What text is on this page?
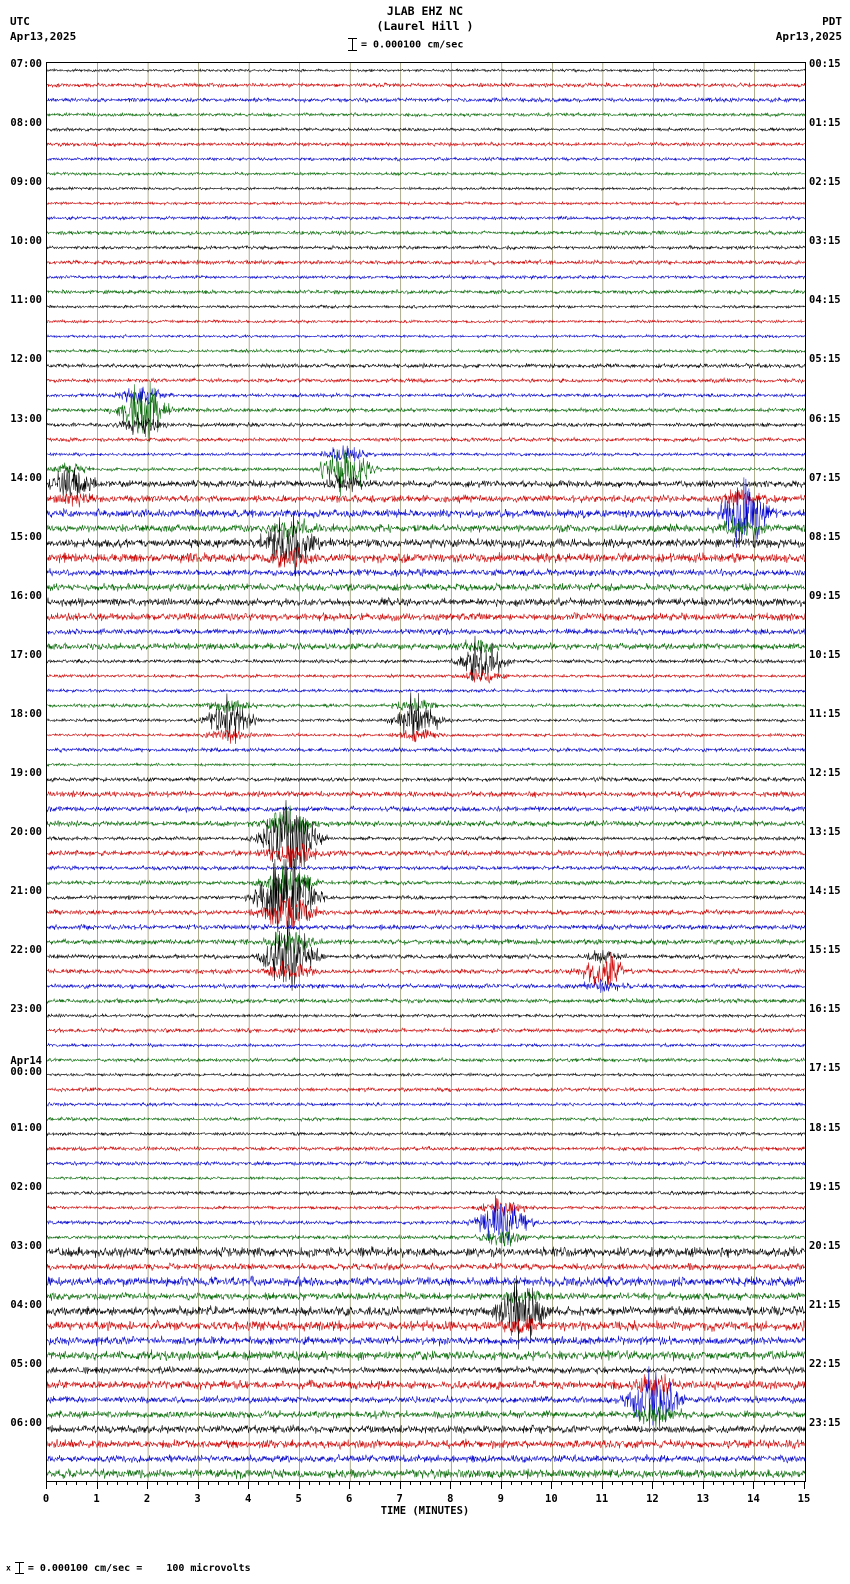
UTC
Apr13,2025
JLAB EHZ NC
(Laurel Hill )	PDT
Apr13,2025
= 0.000100 cm/sec
0	1	2	3	4	5	6	7	8	9	10	11	12	13	14	15
TIME (MINUTES)
x = 0.000100 cm/sec = 100 microvolts
07:00
08:00
09:00
10:00
11:00
12:00
13:00
14:00
15:00
16:00
17:00
18:00
19:00
20:00
21:00
22:00
23:00
Apr14
00:00
01:00
02:00
03:00
04:00
05:00
06:00
00:15
01:15
02:15
03:15
04:15
05:15
06:15
07:15
08:15
09:15
10:15
11:15
12:15
13:15
14:15
15:15
16:15
17:15
18:15
19:15
20:15
21:15
22:15
23:15
